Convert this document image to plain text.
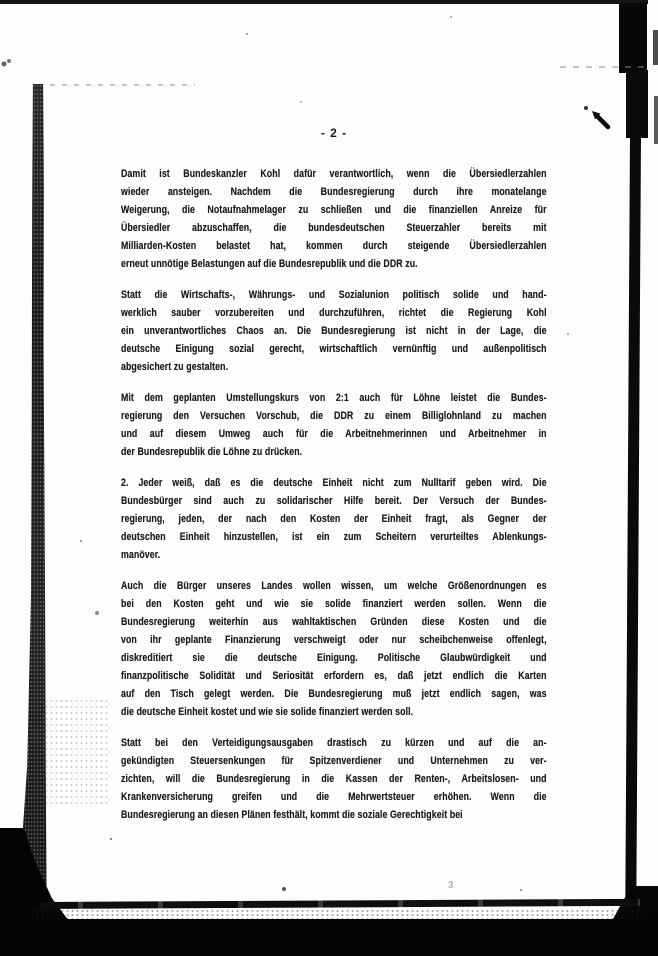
- 2 -

Damit ist Bundeskanzler Kohl dafür verantwortlich, wenn die Übersiedlerzahlen
wieder ansteigen. Nachdem die Bundesregierung durch ihre monatelange
Weigerung, die Notaufnahmelager zu schließen und die finanziellen Anreize für
Übersiedler abzuschaffen, die bundesdeutschen Steuerzahler bereits mit
Milliarden-Kosten belastet hat, kommen durch steigende Übersiedlerzahlen
erneut unnötige Belastungen auf die Bundesrepublik und die DDR zu.

Statt die Wirtschafts-, Währungs- und Sozialunion politisch solide und hand-
werklich sauber vorzubereiten und durchzuführen, richtet die Regierung Kohl
ein unverantwortliches Chaos an. Die Bundesregierung ist nicht in der Lage, die
deutsche Einigung sozial gerecht, wirtschaftlich vernünftig und außenpolitisch
abgesichert zu gestalten.

Mit dem geplanten Umstellungskurs von 2:1 auch für Löhne leistet die Bundes-
regierung den Versuchen Vorschub, die DDR zu einem Billiglohnland zu machen
und auf diesem Umweg auch für die Arbeitnehmerinnen und Arbeitnehmer in
der Bundesrepublik die Löhne zu drücken.

2. Jeder weiß, daß es die deutsche Einheit nicht zum Nulltarif geben wird. Die
Bundesbürger sind auch zu solidarischer Hilfe bereit. Der Versuch der Bundes-
regierung, jeden, der nach den Kosten der Einheit fragt, als Gegner der
deutschen Einheit hinzustellen, ist ein zum Scheitern verurteiltes Ablenkungs-
manöver.

Auch die Bürger unseres Landes wollen wissen, um welche Größenordnungen es
bei den Kosten geht und wie sie solide finanziert werden sollen. Wenn die
Bundesregierung weiterhin aus wahltaktischen Gründen diese Kosten und die
von ihr geplante Finanzierung verschweigt oder nur scheibchenweise offenlegt,
diskreditiert sie die deutsche Einigung. Politische Glaubwürdigkeit und
finanzpolitische Solidität und Seriosität erfordern es, daß jetzt endlich die Karten
auf den Tisch gelegt werden. Die Bundesregierung muß jetzt endlich sagen, was
die deutsche Einheit kostet und wie sie solide finanziert werden soll.

Statt bei den Verteidigungsausgaben drastisch zu kürzen und auf die an-
gekündigten Steuersenkungen für Spitzenverdiener und Unternehmen zu ver-
zichten, will die Bundesregierung in die Kassen der Renten-, Arbeitslosen- und
Krankenversicherung greifen und die Mehrwertsteuer erhöhen. Wenn die
Bundesregierung an diesen Plänen festhält, kommt die soziale Gerechtigkeit bei

3
